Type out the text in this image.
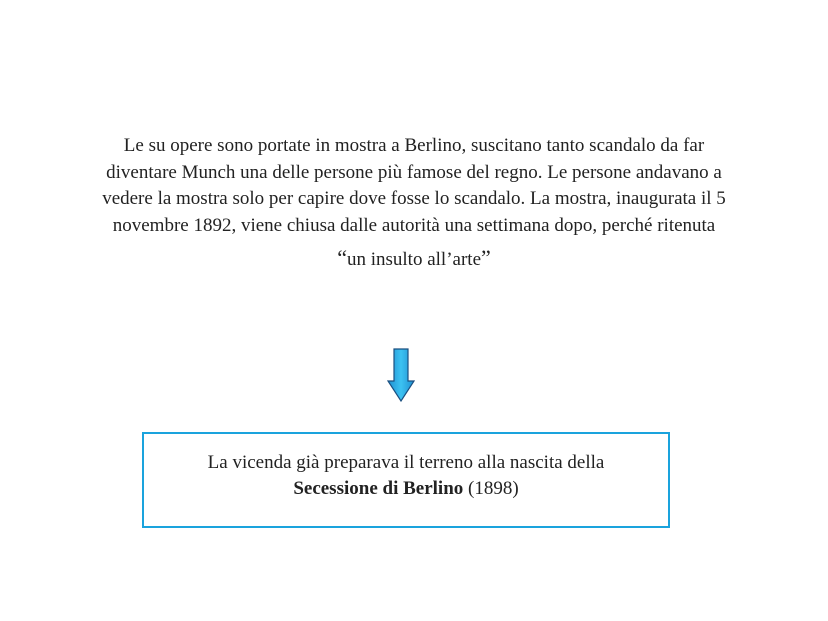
Le su opere sono portate in mostra a Berlino, suscitano tanto scandalo da far
diventare Munch una delle persone più famose del regno. Le persone andavano a
vedere la mostra solo per capire dove fosse lo scandalo. La mostra, inaugurata il 5
novembre 1892, viene chiusa dalle autorità una settimana dopo, perché ritenuta
“un insulto all’arte”
La vicenda già preparava il terreno alla nascita della
Secessione di Berlino (1898)
